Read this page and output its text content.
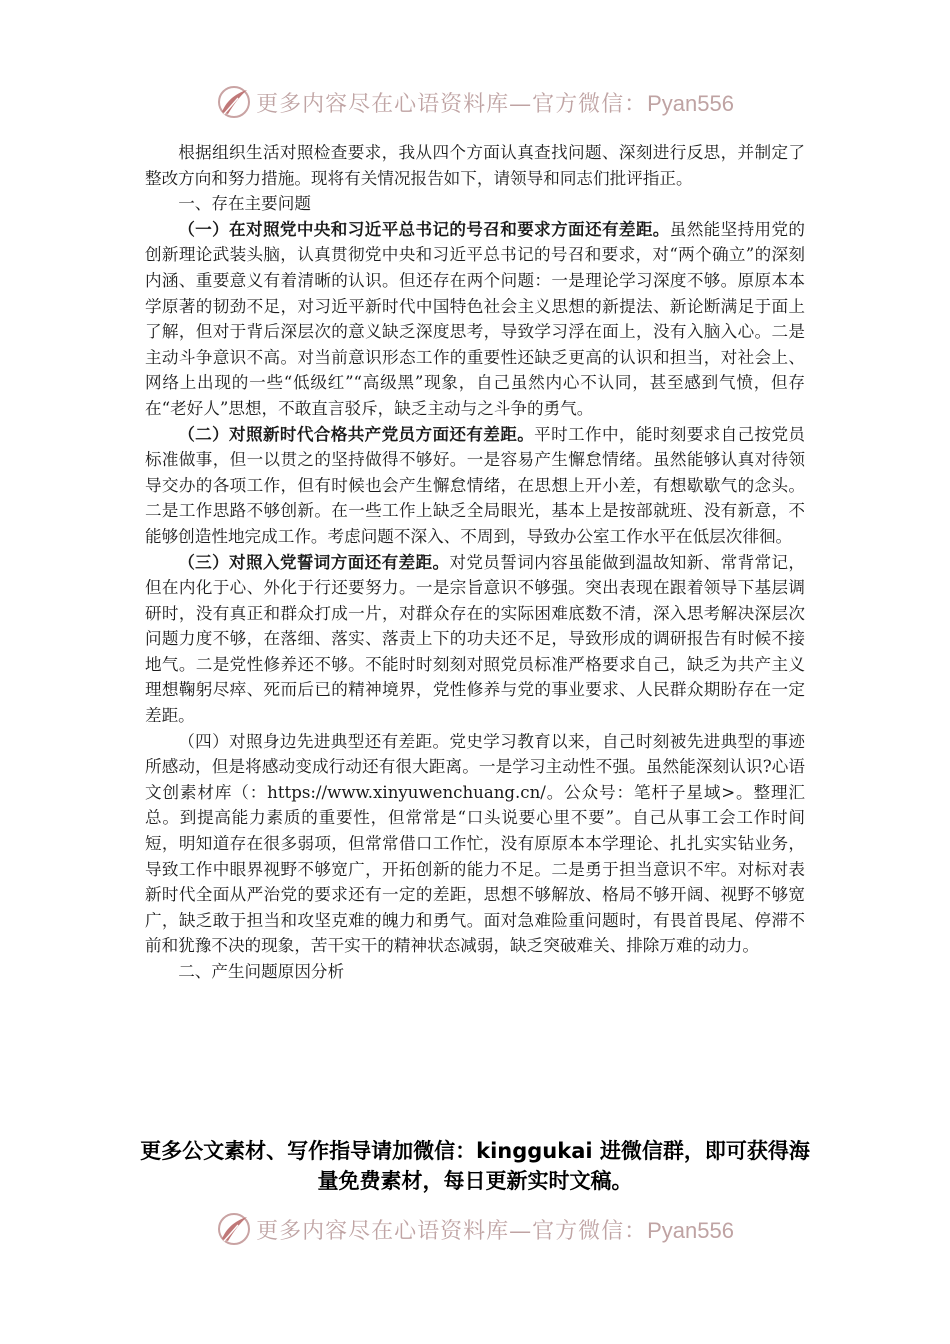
更多内容尽在心语资料库—官方微信：Pyan556

根据组织生活对照检查要求，我从四个方面认真查找问题、深刻进行反思，并制定了整改方向和努力措施。现将有关情况报告如下，请领导和同志们批评指正。

一、存在主要问题

（一）在对照党中央和习近平总书记的号召和要求方面还有差距。虽然能坚持用党的创新理论武装头脑，认真贯彻党中央和习近平总书记的号召和要求，对“两个确立”的深刻内涵、重要意义有着清晰的认识。但还存在两个问题：一是理论学习深度不够。原原本本学原著的韧劲不足，对习近平新时代中国特色社会主义思想的新提法、新论断满足于面上了解，但对于背后深层次的意义缺乏深度思考，导致学习浮在面上，没有入脑入心。二是主动斗争意识不高。对当前意识形态工作的重要性还缺乏更高的认识和担当，对社会上、网络上出现的一些“低级红”“高级黑”现象，自己虽然内心不认同，甚至感到气愤，但存在“老好人”思想，不敢直言驳斥，缺乏主动与之斗争的勇气。

（二）对照新时代合格共产党员方面还有差距。平时工作中，能时刻要求自己按党员标准做事，但一以贯之的坚持做得不够好。一是容易产生懈怠情绪。虽然能够认真对待领导交办的各项工作，但有时候也会产生懈怠情绪，在思想上开小差，有想歇歇气的念头。二是工作思路不够创新。在一些工作上缺乏全局眼光，基本上是按部就班、没有新意，不能够创造性地完成工作。考虑问题不深入、不周到，导致办公室工作水平在低层次徘徊。

（三）对照入党誓词方面还有差距。对党员誓词内容虽能做到温故知新、常背常记，但在内化于心、外化于行还要努力。一是宗旨意识不够强。突出表现在跟着领导下基层调研时，没有真正和群众打成一片，对群众存在的实际困难底数不清，深入思考解决深层次问题力度不够，在落细、落实、落责上下的功夫还不足，导致形成的调研报告有时候不接地气。二是党性修养还不够。不能时时刻刻对照党员标准严格要求自己，缺乏为共产主义理想鞠躬尽瘁、死而后已的精神境界，党性修养与党的事业要求、人民群众期盼存在一定差距。

（四）对照身边先进典型还有差距。党史学习教育以来，自己时刻被先进典型的事迹所感动，但是将感动变成行动还有很大距离。一是学习主动性不强。虽然能深刻认识?心语文创素材库（：https://www.xinyuwenchuang.cn/。公众号：笔杆子星域>。整理汇总。到提高能力素质的重要性，但常常是“口头说要心里不要”。自己从事工会工作时间短，明知道存在很多弱项，但常常借口工作忙，没有原原本本学理论、扎扎实实钻业务，导致工作中眼界视野不够宽广，开拓创新的能力不足。二是勇于担当意识不牢。对标对表新时代全面从严治党的要求还有一定的差距，思想不够解放、格局不够开阔、视野不够宽广，缺乏敢于担当和攻坚克难的魄力和勇气。面对急难险重问题时，有畏首畏尾、停滞不前和犹豫不决的现象，苦干实干的精神状态减弱，缺乏突破难关、排除万难的动力。

二、产生问题原因分析

更多公文素材、写作指导请加微信：kinggukai 进微信群，即可获得海量免费素材，每日更新实时文稿。
更多内容尽在心语资料库—官方微信：Pyan556
